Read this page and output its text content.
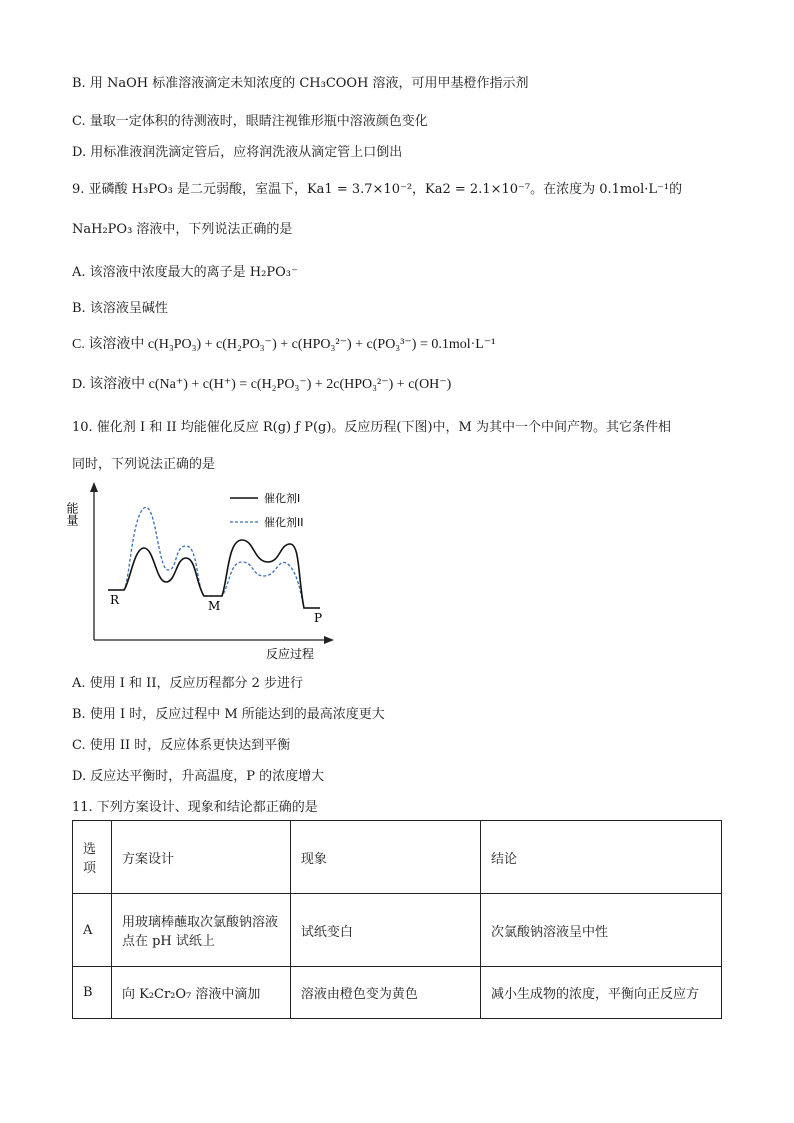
B. 用 NaOH 标准溶液滴定未知浓度的 CH₃COOH 溶液，可用甲基橙作指示剂
C. 量取一定体积的待测液时，眼睛注视锥形瓶中溶液颜色变化
D. 用标准液润洗滴定管后，应将润洗液从滴定管上口倒出
9. 亚磷酸 H₃PO₃ 是二元弱酸，室温下，Ka1 = 3.7×10⁻²，Ka2 = 2.1×10⁻⁷。在浓度为 0.1mol·L⁻¹的
NaH₂PO₃ 溶液中，下列说法正确的是
A. 该溶液中浓度最大的离子是 H₂PO₃⁻
B. 该溶液呈碱性
C. 该溶液中 c(H₃PO₃) + c(H₂PO₃⁻) + c(HPO₃²⁻) + c(PO₃³⁻) = 0.1mol·L⁻¹
D. 该溶液中 c(Na⁺) + c(H⁺) = c(H₂PO₃⁻) + 2c(HPO₃²⁻) + c(OH⁻)
10. 催化剂 I 和 II 均能催化反应 R(g) ƒ P(g)。反应历程(下图)中，M 为其中一个中间产物。其它条件相
同时，下列说法正确的是
能量
反应过程
催化剂I
催化剂II
R	M
P
A. 使用 I 和 II，反应历程都分 2 步进行
B. 使用 I 时，反应过程中 M 所能达到的最高浓度更大
C. 使用 II 时，反应体系更快达到平衡
D. 反应达平衡时，升高温度，P 的浓度增大
11. 下列方案设计、现象和结论都正确的是
选项	方案设计	现象	结论
A	用玻璃棒蘸取次氯酸钠溶液点在 pH 试纸上	试纸变白	次氯酸钠溶液呈中性
B	向 K₂Cr₂O₇ 溶液中滴加	溶液由橙色变为黄色	减小生成物的浓度，平衡向正反应方
